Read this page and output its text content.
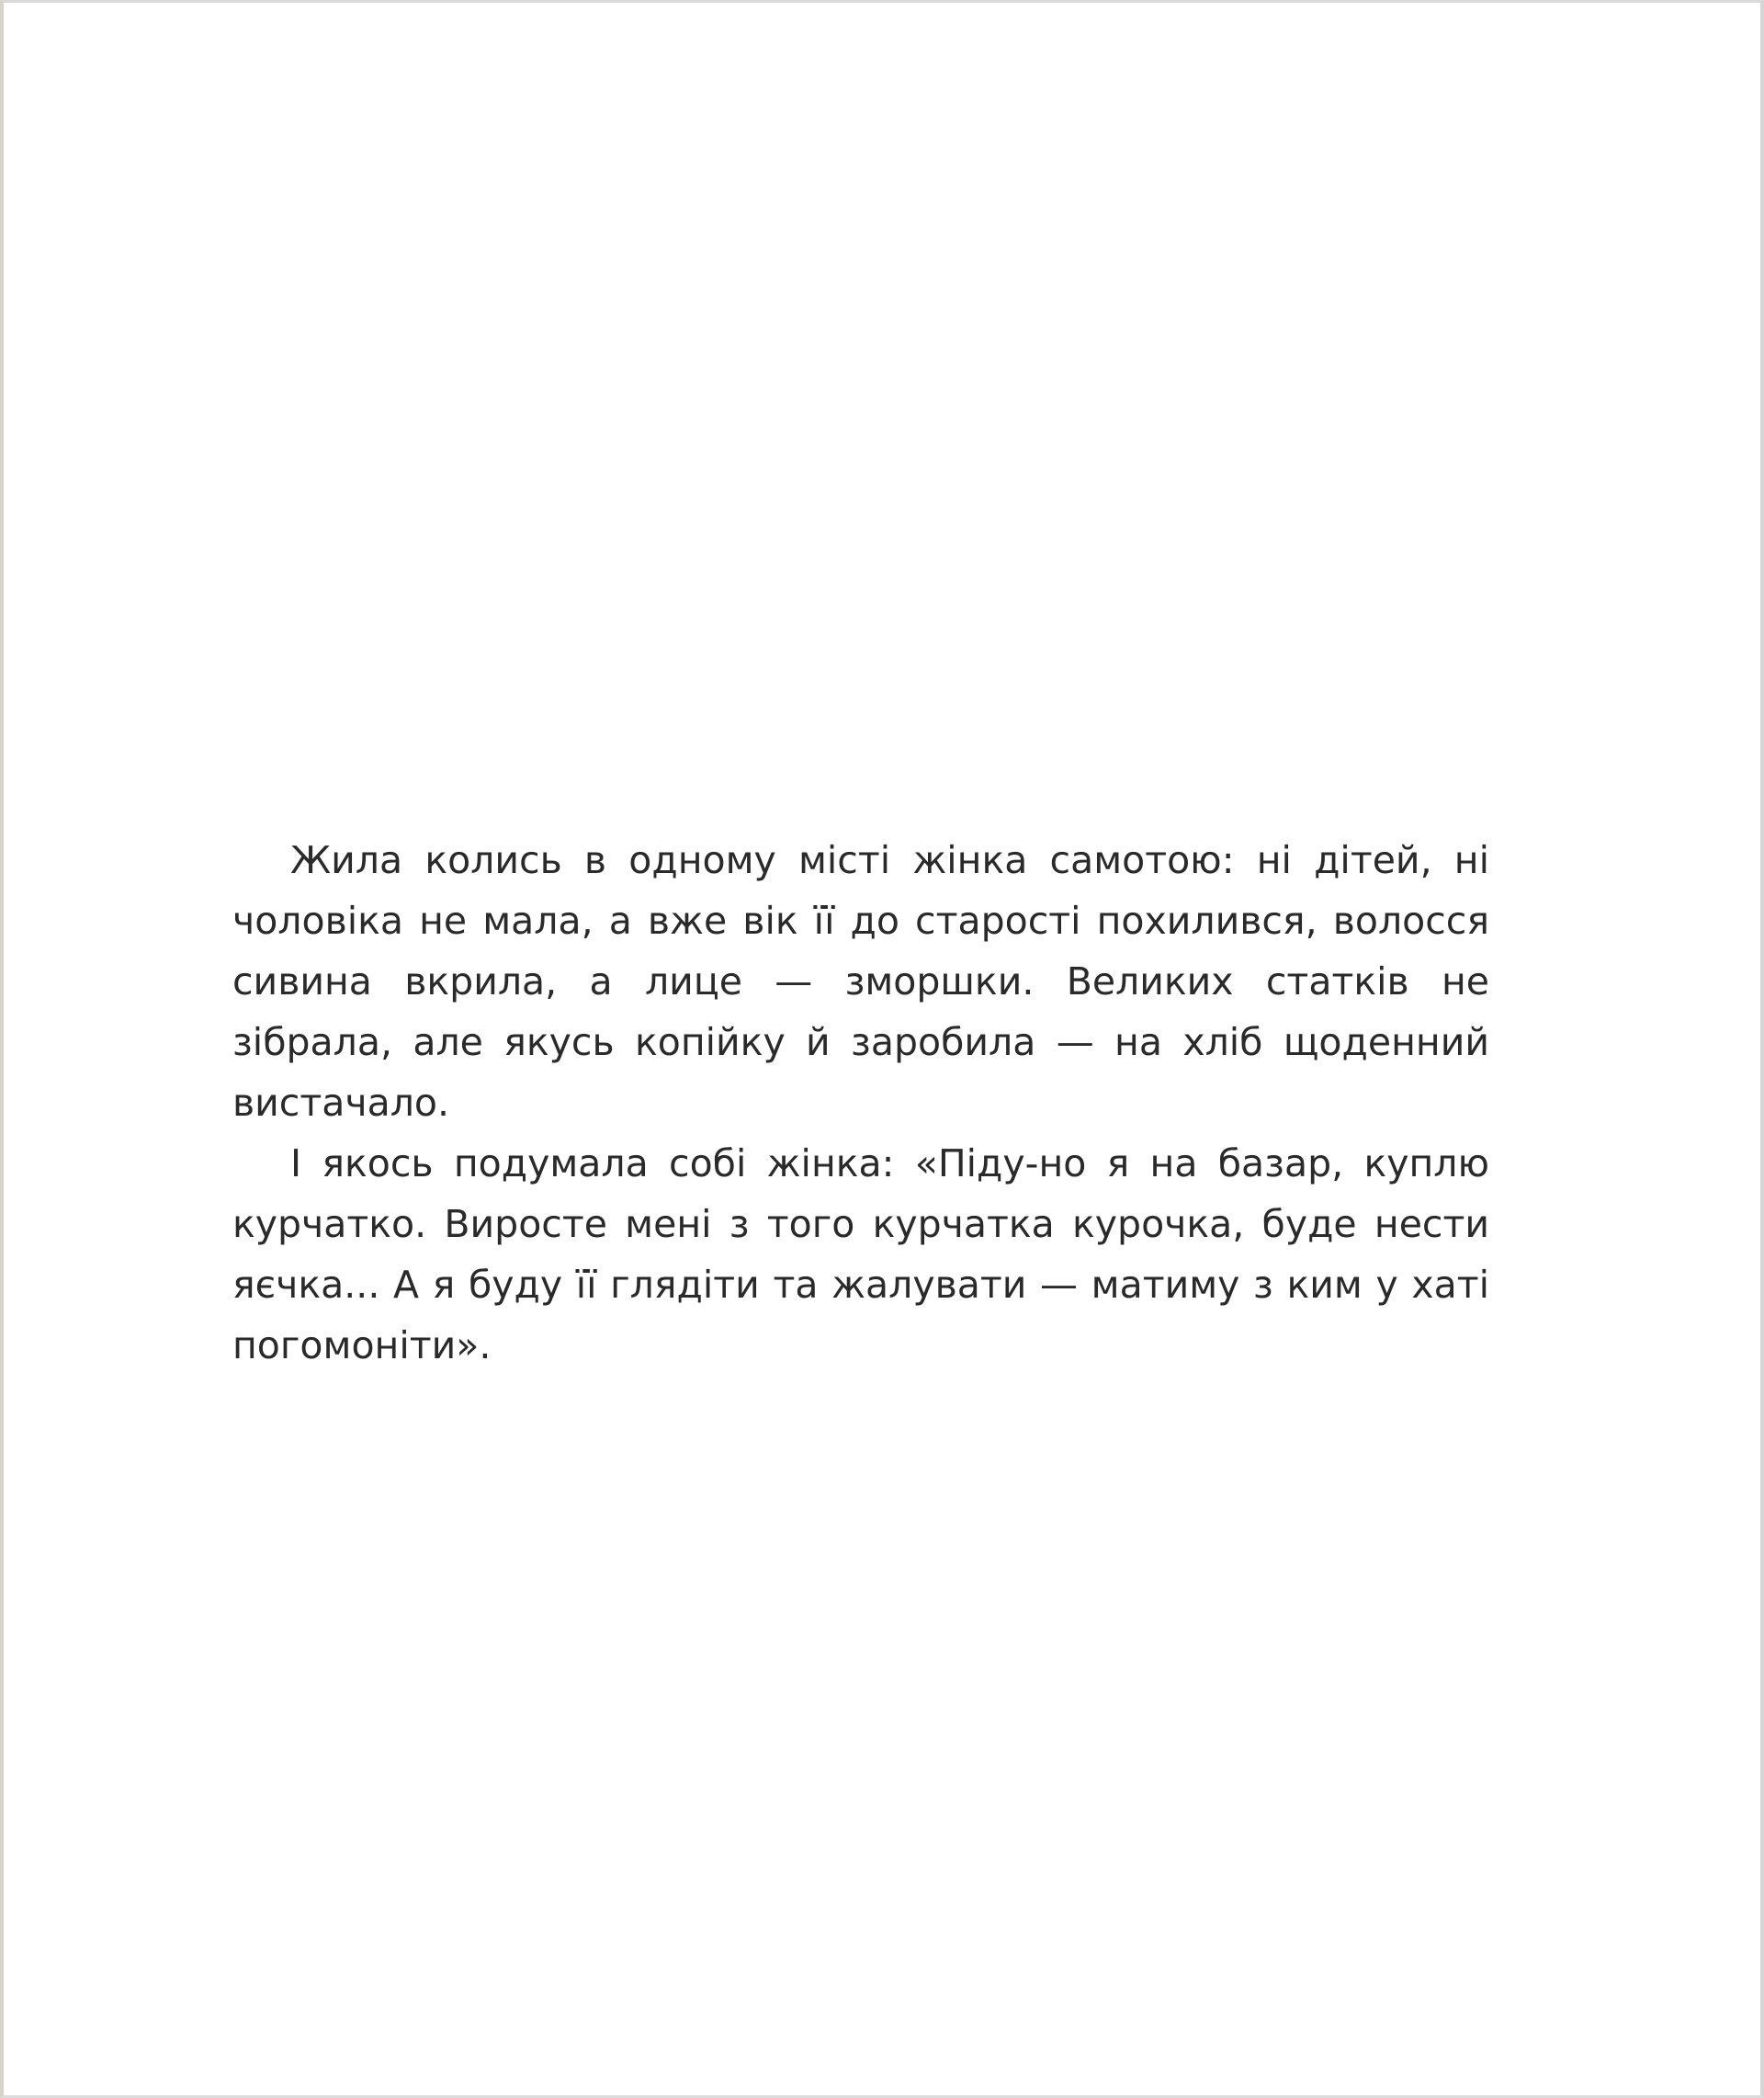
Жила колись в одному місті жінка самотою: ні дітей, ні чоловіка не мала, а вже вік її до старості похилився, волосся сивина вкрила, а лице — зморшки. Великих статків не зібрала, але якусь копійку й заробила — на хліб щоденний вистачало.

І якось подумала собі жінка: «Піду-но я на базар, куплю курчатко. Виросте мені з того курчатка курочка, буде нести яєчка... А я буду її глядіти та жалувати — матиму з ким у хаті погомоніти».
